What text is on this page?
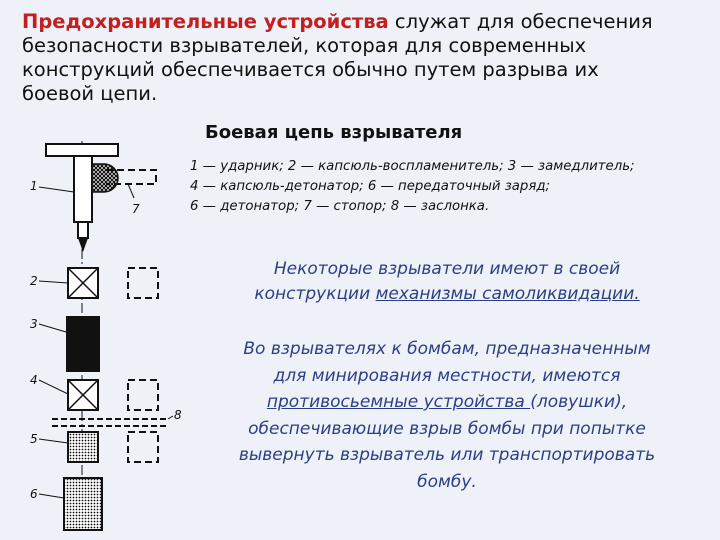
Предохранительные устройства служат для обеспечения
безопасности взрывателей, которая для современных
конструкций обеспечивается обычно путем разрыва их
боевой цепи.
Боевая цепь взрывателя
1 — ударник; 2 — капсюль-воспламенитель; 3 — замедлитель;
4 — капсюль-детонатор; 6 — передаточный заряд;
6 — детонатор; 7 — стопор; 8 — заслонка.
Некоторые взрыватели имеют в своей
конструкции механизмы самоликвидации.
Во взрывателях к бомбам, предназначенным
для минирования местности, имеются
противосьемные устройства (ловушки),
обеспечивающие взрыв бомбы при попытке
вывернуть взрыватель или транспортировать
бомбу.
1
2
3
4
5
6
7
8
